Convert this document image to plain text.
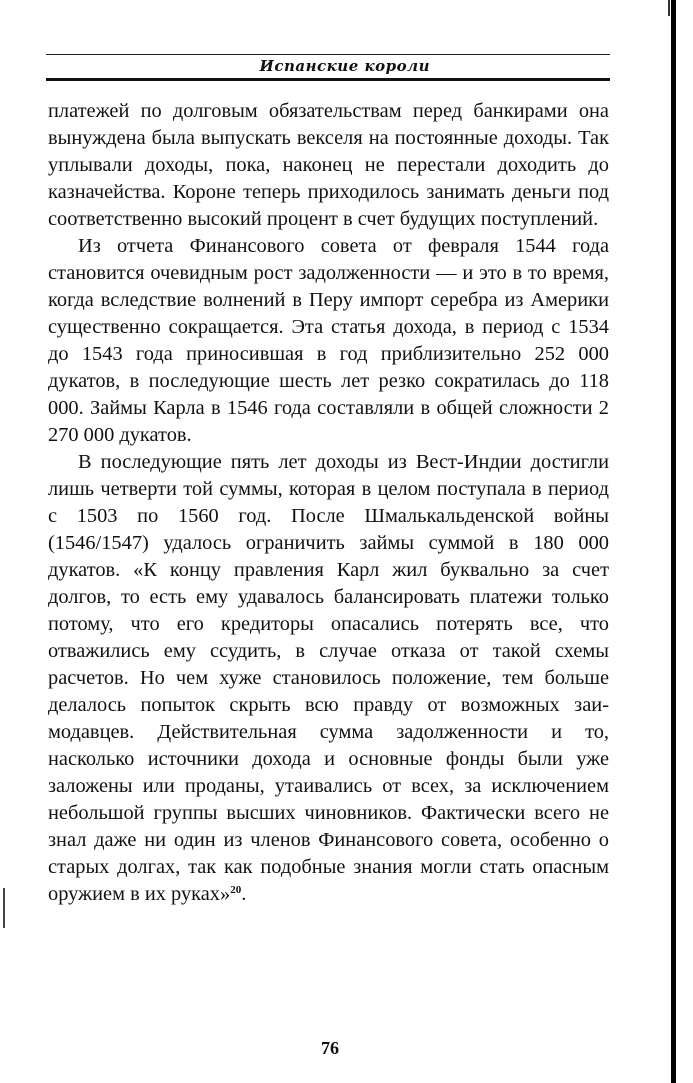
Испанские короли

платежей по долговым обязательствам перед банкирами она вынуждена была выпускать векселя на постоянные доходы. Так уплывали доходы, пока, наконец не перестали доходить до казначейства. Короне теперь приходилось занимать деньги под соответственно высокий процент в счет будущих поступлений.

Из отчета Финансового совета от февраля 1544 года становится очевидным рост задолженности — и это в то время, когда вследствие волнений в Перу импорт серебра из Америки существенно сокращается. Эта статья дохода, в период с 1534 до 1543 года приносившая в год приблизительно 252 000 дукатов, в последующие шесть лет резко сократилась до 118 000. Займы Карла в 1546 года составляли в общей сложности 2 270 000 дукатов.

В последующие пять лет доходы из Вест-Индии достигли лишь четверти той суммы, которая в целом поступала в период с 1503 по 1560 год. После Шмалькальденской войны (1546/1547) удалось ограничить займы суммой в 180 000 дукатов. «К концу правления Карл жил буквально за счет долгов, то есть ему удавалось балансировать платежи только потому, что его кредиторы опасались потерять все, что отважились ему ссудить, в случае отказа от такой схемы расчетов. Но чем хуже становилось положение, тем больше делалось попыток скрыть всю правду от возможных заимодавцев. Действительная сумма задолженности и то, насколько источники дохода и основные фонды были уже заложены или проданы, утаивались от всех, за исключением небольшой группы высших чиновников. Фактически всего не знал даже ни один из членов Финансового совета, особенно о старых долгах, так как подобные знания могли стать опасным оружием в их руках»$^{20}$.

76
